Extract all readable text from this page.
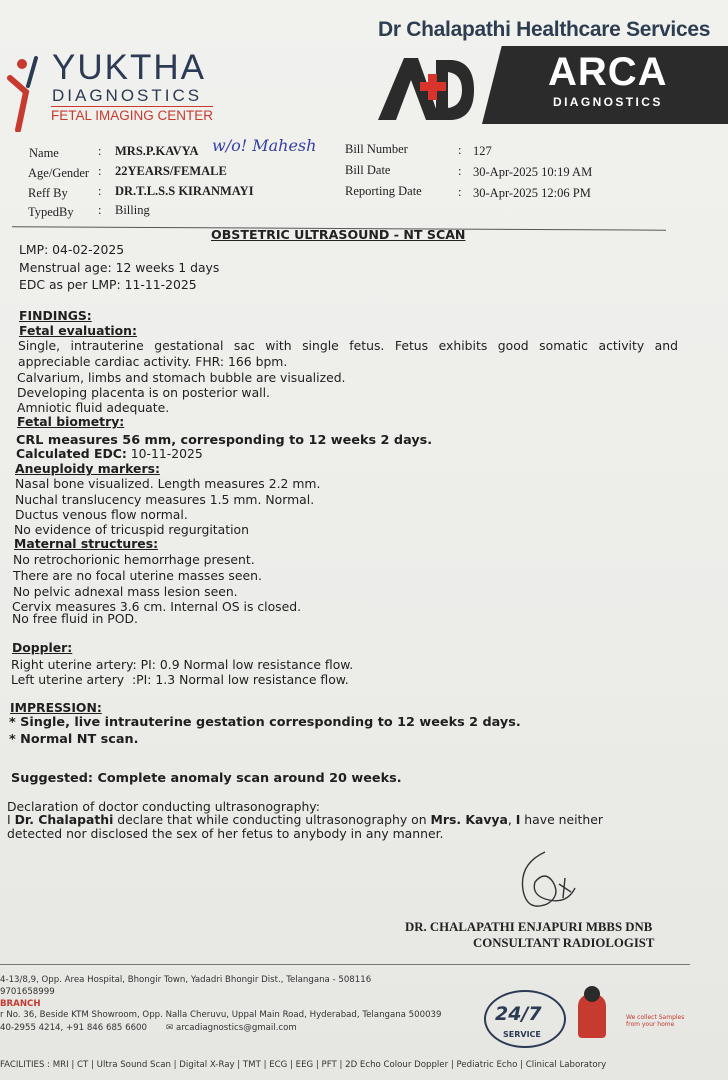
Dr Chalapathi Healthcare Services
YUKTHA
DIAGNOSTICS
FETAL IMAGING CENTER
ARCA
DIAGNOSTICS
Name	: MRS.P.KAVYA w/o! Mahesh
Age/Gender : 22YEARS/FEMALE
Reff By : DR.T.L.S.S KIRANMAYI
TypedBy : Billing
Bill Number	: 127
Bill Date	: 30-Apr-2025 10:19 AM
Reporting Date	: 30-Apr-2025 12:06 PM
OBSTETRIC ULTRASOUND - NT SCAN
LMP: 04-02-2025
Menstrual age: 12 weeks 1 days
EDC as per LMP: 11-11-2025
FINDINGS:
Fetal evaluation:
Single, intrauterine gestational sac with single fetus. Fetus exhibits good somatic activity and
appreciable cardiac activity. FHR: 166 bpm.
Calvarium, limbs and stomach bubble are visualized.
Developing placenta is on posterior wall.
Amniotic fluid adequate.
Fetal biometry:
CRL measures 56 mm, corresponding to 12 weeks 2 days.
Calculated EDC: 10-11-2025
Aneuploidy markers:
Nasal bone visualized. Length measures 2.2 mm.
Nuchal translucency measures 1.5 mm. Normal.
Ductus venous flow normal.
No evidence of tricuspid regurgitation
Maternal structures:
No retrochorionic hemorrhage present.
There are no focal uterine masses seen.
No pelvic adnexal mass lesion seen.
Cervix measures 3.6 cm. Internal OS is closed.
No free fluid in POD.
Doppler:
Right uterine artery: PI: 0.9 Normal low resistance flow.
Left uterine artery  :PI: 1.3 Normal low resistance flow.
IMPRESSION:
* Single, live intrauterine gestation corresponding to 12 weeks 2 days.
* Normal NT scan.
Suggested: Complete anomaly scan around 20 weeks.
Declaration of doctor conducting ultrasonography:
I Dr. Chalapathi declare that while conducting ultrasonography on Mrs. Kavya, I have neither
detected nor disclosed the sex of her fetus to anybody in any manner.
DR. CHALAPATHI ENJAPURI MBBS DNB
CONSULTANT RADIOLOGIST
4-13/8,9, Opp. Area Hospital, Bhongir Town, Yadadri Bhongir Dist., Telangana - 508116
9701658999
BRANCH
r No. 36, Beside KTM Showroom, Opp. Nalla Cheruvu, Uppal Main Road, Hyderabad, Telangana 500039
40-2955 4214, +91 846 685 6600 ✉ arcadiagnostics@gmail.com
FACILITIES : MRI | CT | Ultra Sound Scan | Digital X-Ray | TMT | ECG | EEG | PFT | 2D Echo Colour Doppler | Pediatric Echo | Clinical Laboratory
24/7
SERVICE
We collect Samples from your home
